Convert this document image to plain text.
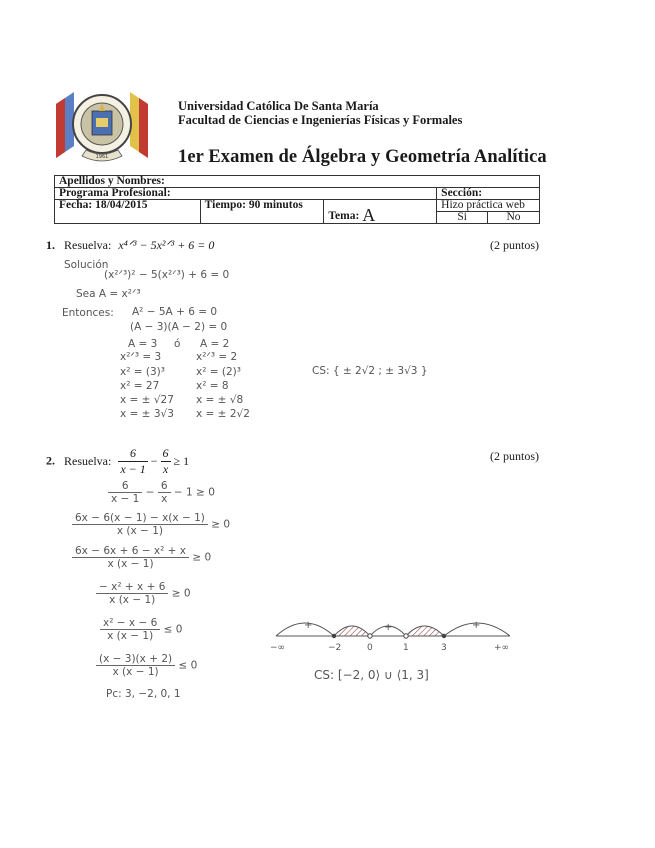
1961
Universidad Católica De Santa María
Facultad de Ciencias e Ingenierías Físicas y Formales
1er Examen de Álgebra y Geometría Analítica
Apellidos y Nombres:				
Programa Profesional:			Sección:	
Fecha: 18/04/2015	Tiempo: 90 minutos	Tema: A	Hizo práctica web	
			Si	No
1. Resuelva: x⁴ᐟ³ − 5x²ᐟ³ + 6 = 0	(2 puntos)
Solución
(x²ᐟ³)² − 5(x²ᐟ³) + 6 = 0
Sea A = x²ᐟ³
Entonces: A² − 5A + 6 = 0
(A − 3)(A − 2) = 0
A = 3 ó A = 2
x²ᐟ³ = 3
x² = (3)³
x² = 27
x = ± √27
x = ± 3√3
x²ᐟ³ = 2
x² = (2)³
x² = 8
x = ± √8
x = ± 2√2
CS: { ± 2√2 ; ± 3√3 }
2. Resuelva: $\frac{6}{x - 1} - \frac{6}{x} \ge 1$	(2 puntos)
$\frac{6}{x - 1} - \frac{6}{x} - 1 \ge 0$
$\frac{6x - 6(x - 1) - x(x - 1)}{x (x - 1)} \ge 0$
$\frac{\text{6x − 6x + 6 − x² + x}}{x (x - 1)} \ge 0$
$\frac{\text{− x² + x + 6}}{x (x - 1)} \ge 0$
$\frac{\text{x² − x − 6}}{x (x - 1)} \le 0$
$\frac{(x - 3)(x + 2)}{x (x - 1)} \le 0$
Pc: 3, −2, 0, 1
+	+	+
−∞	−2	0	1	3	+∞
CS: [−2, 0⟩ ∪ ⟨1, 3]
